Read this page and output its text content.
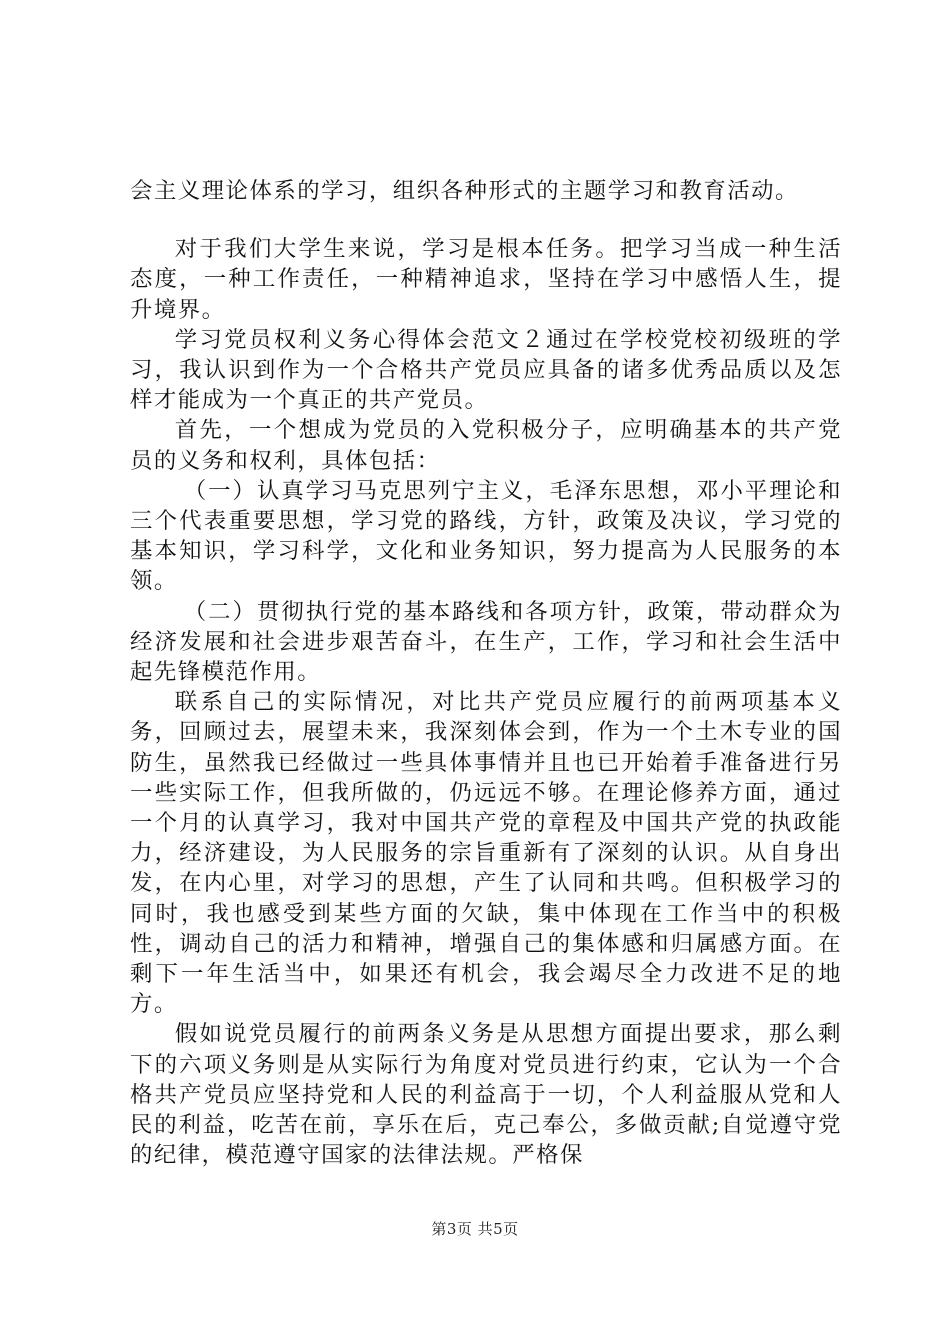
会主义理论体系的学习，组织各种形式的主题学习和教育活动。

对于我们大学生来说，学习是根本任务。把学习当成一种生活态度，一种工作责任，一种精神追求，坚持在学习中感悟人生，提升境界。

学习党员权利义务心得体会范文２通过在学校党校初级班的学习，我认识到作为一个合格共产党员应具备的诸多优秀品质以及怎样才能成为一个真正的共产党员。

首先，一个想成为党员的入党积极分子，应明确基本的共产党员的义务和权利，具体包括：

（一）认真学习马克思列宁主义，毛泽东思想，邓小平理论和三个代表重要思想，学习党的路线，方针，政策及决议，学习党的基本知识，学习科学，文化和业务知识，努力提高为人民服务的本领。

（二）贯彻执行党的基本路线和各项方针，政策，带动群众为经济发展和社会进步艰苦奋斗，在生产，工作，学习和社会生活中起先锋模范作用。

联系自己的实际情况，对比共产党员应履行的前两项基本义务，回顾过去，展望未来，我深刻体会到，作为一个土木专业的国防生，虽然我已经做过一些具体事情并且也已开始着手准备进行另一些实际工作，但我所做的，仍远远不够。在理论修养方面，通过一个月的认真学习，我对中国共产党的章程及中国共产党的执政能力，经济建设，为人民服务的宗旨重新有了深刻的认识。从自身出发，在内心里，对学习的思想，产生了认同和共鸣。但积极学习的同时，我也感受到某些方面的欠缺，集中体现在工作当中的积极性，调动自己的活力和精神，增强自己的集体感和归属感方面。在剩下一年生活当中，如果还有机会，我会竭尽全力改进不足的地方。

假如说党员履行的前两条义务是从思想方面提出要求，那么剩下的六项义务则是从实际行为角度对党员进行约束，它认为一个合格共产党员应坚持党和人民的利益高于一切，个人利益服从党和人民的利益，吃苦在前，享乐在后，克己奉公，多做贡献;自觉遵守党的纪律，模范遵守国家的法律法规。严格保

第3页 共5页
